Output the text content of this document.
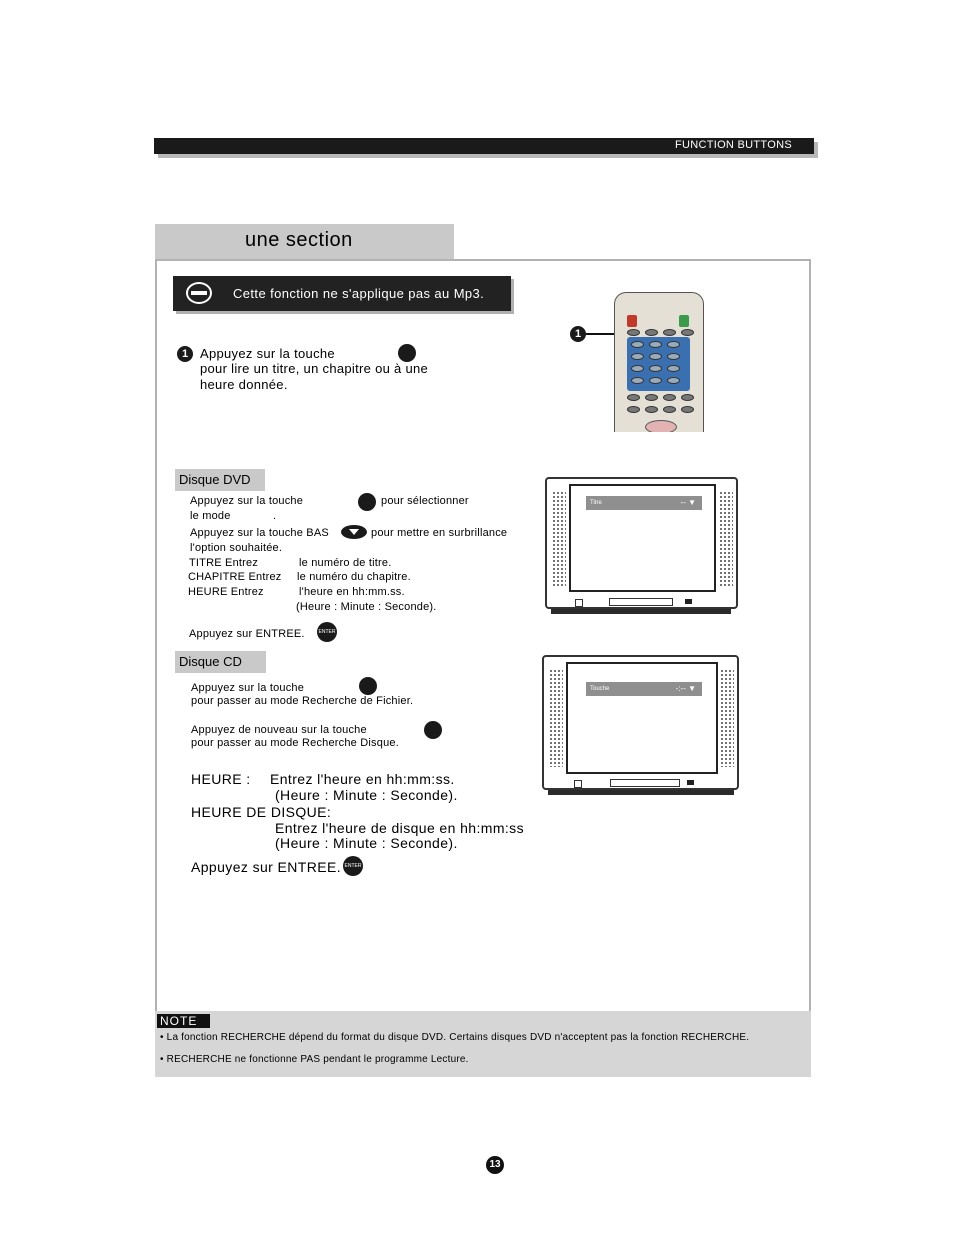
FUNCTION BUTTONS
une section
Cette fonction ne s'applique pas au Mp3.
1 Appuyez sur la touche
pour lire un titre, un chapitre ou à une
heure donnée.
1
Disque DVD
Appuyez sur la touche	pour sélectionner
le mode	.
Appuyez sur la touche BAS	pour mettre en surbrillance
l'option souhaitée.
TITRE Entrez	le numéro de titre.
CHAPITRE Entrez le numéro du chapitre.
HEURE Entrez	l'heure en hh:mm.ss.
(Heure : Minute : Seconde).
Appuyez sur ENTREE.	ENTER
Titre	-- ▼
Disque CD
Appuyez sur la touche
pour passer au mode Recherche de Fichier.
Appuyez de nouveau sur la touche
pour passer au mode Recherche Disque.
HEURE : Entrez l'heure en hh:mm:ss.
(Heure : Minute : Seconde).
HEURE DE DISQUE:
Entrez l'heure de disque en hh:mm:ss
(Heure : Minute : Seconde).
Appuyez sur ENTREE. ENTER
Touche	-:-- ▼
NOTE
• La fonction RECHERCHE dépend du format du disque DVD. Certains disques DVD n'acceptent pas la fonction RECHERCHE.
• RECHERCHE ne fonctionne PAS pendant le programme Lecture.
13
